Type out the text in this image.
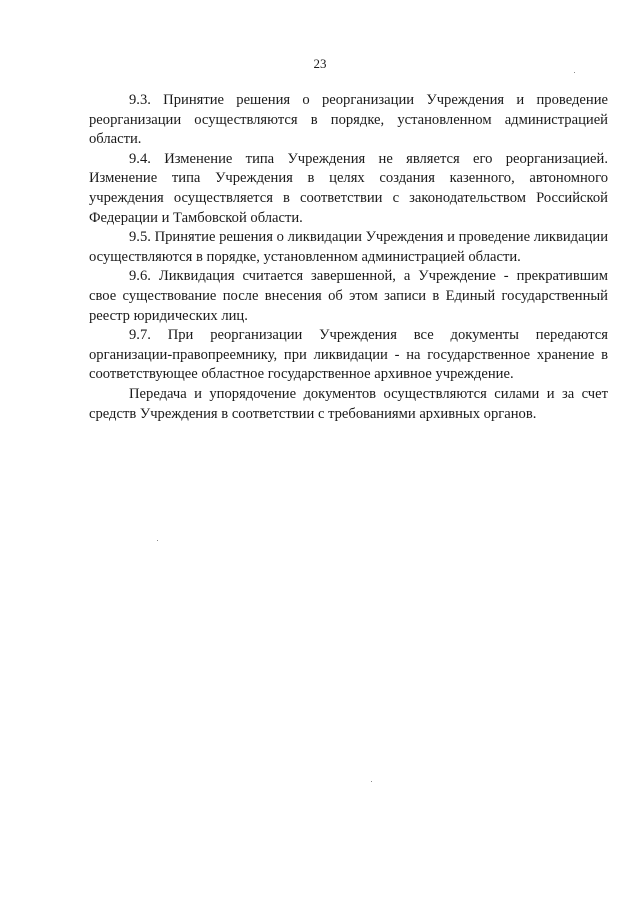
23

9.3. Принятие решения о реорганизации Учреждения и проведение реорганизации осуществляются в порядке, установленном администрацией области.

9.4. Изменение типа Учреждения не является его реорганизацией. Изменение типа Учреждения в целях создания казенного, автономного учреждения осуществляется в соответствии с законодательством Российской Федерации и Тамбовской области.

9.5. Принятие решения о ликвидации Учреждения и проведение ликвидации осуществляются в порядке, установленном администрацией области.

9.6. Ликвидация считается завершенной, а Учреждение - прекратившим свое существование после внесения об этом записи в Единый государственный реестр юридических лиц.

9.7. При реорганизации Учреждения все документы передаются организации-правопреемнику, при ликвидации - на государственное хранение в соответствующее областное государственное архивное учреждение.

Передача и упорядочение документов осуществляются силами и за счет средств Учреждения в соответствии с требованиями архивных органов.
